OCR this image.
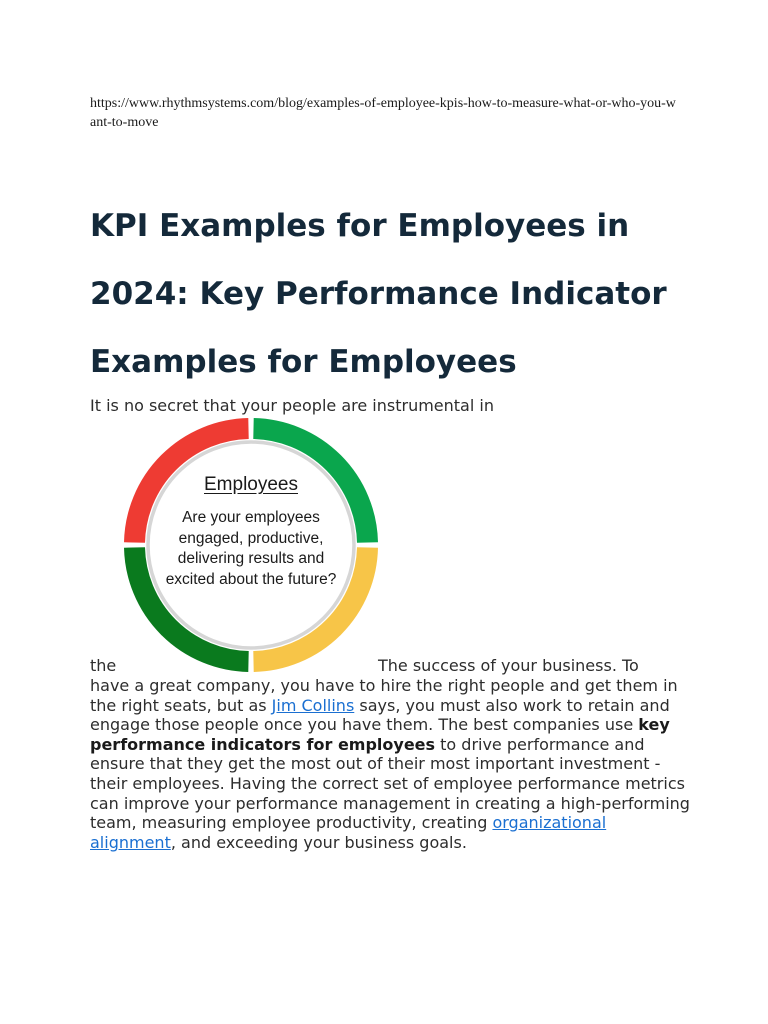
https://www.rhythmsystems.com/blog/examples-of-employee-kpis-how-to-measure-what-or-who-you-want-to-move
KPI Examples for Employees in 2024: Key Performance Indicator Examples for Employees
It is no secret that your people are instrumental in
Employees
Are your employees engaged, productive, delivering results and excited about the future?
the	The success of your business. To
have a great company, you have to hire the right people and get them in the right seats, but as Jim Collins says, you must also work to retain and engage those people once you have them. The best companies use key performance indicators for employees to drive performance and ensure that they get the most out of their most important investment - their employees. Having the correct set of employee performance metrics can improve your performance management in creating a high-performing team, measuring employee productivity, creating organizational alignment, and exceeding your business goals.
